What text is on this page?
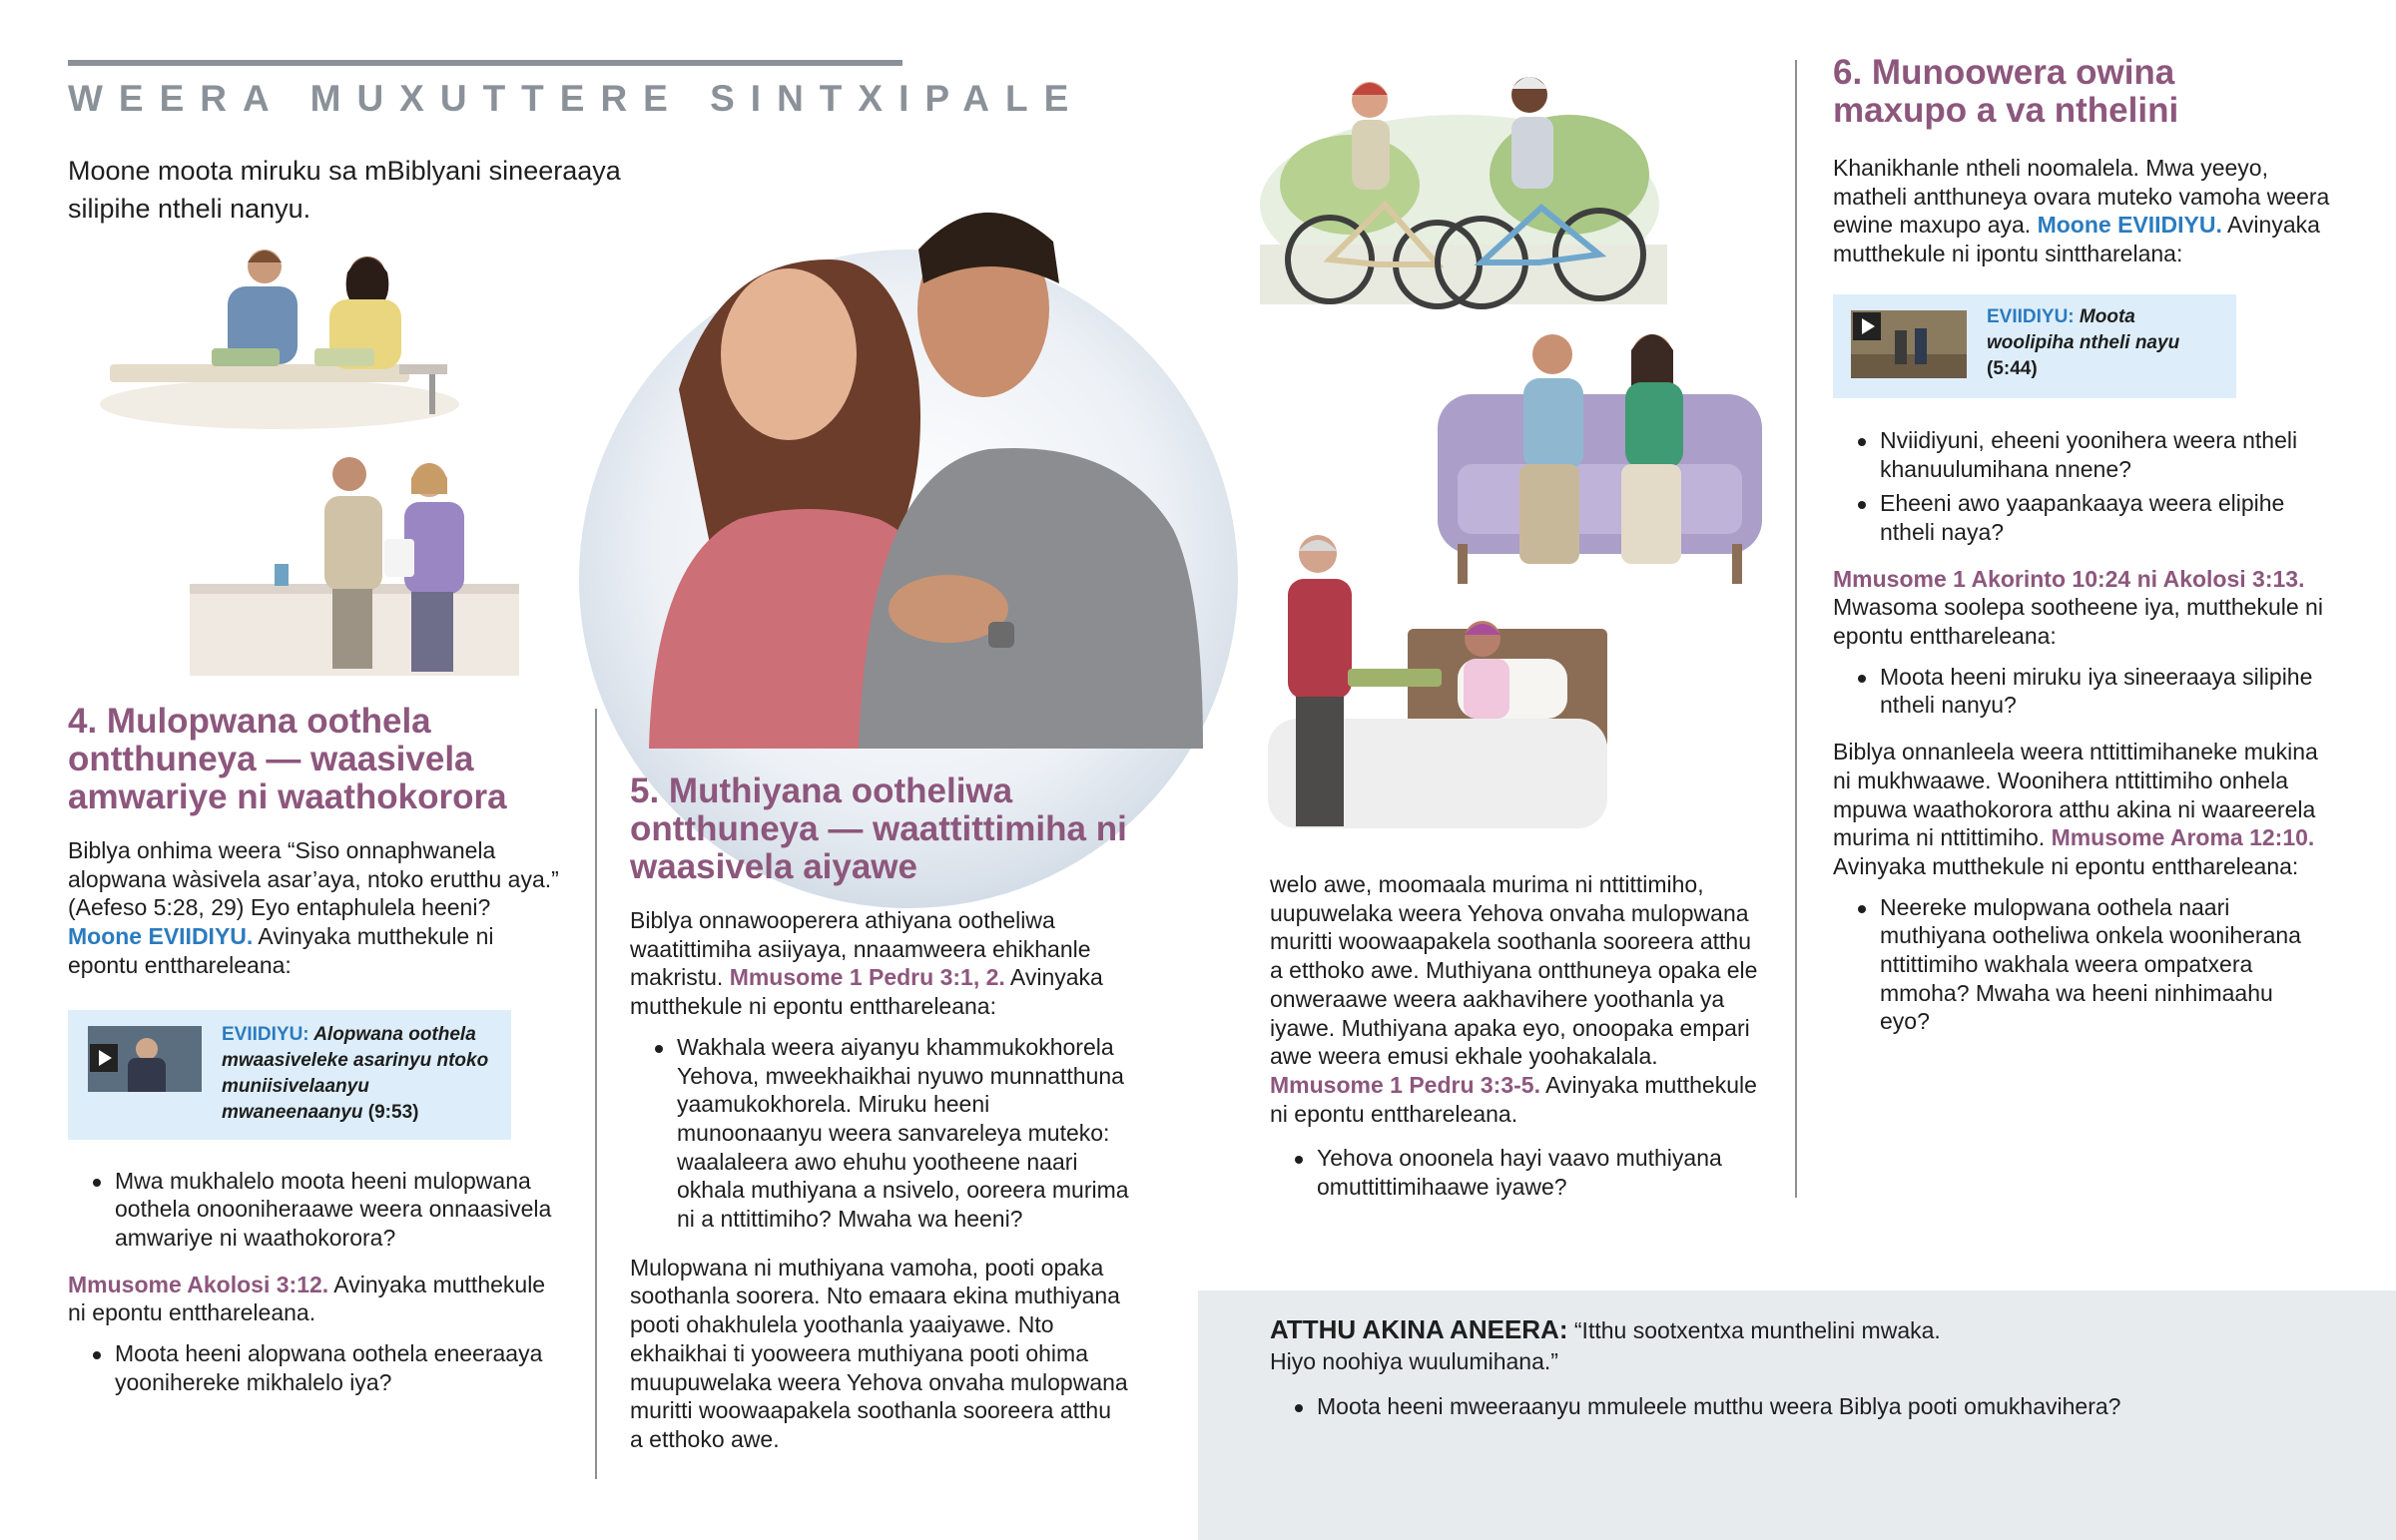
WEERA MUXUTTERE SINTXIPALE

Moone moota miruku sa mBiblyani sineeraaya silipihe ntheli nanyu.

4. Mulopwana oothela ontthuneya — waasivela amwariye ni waathokorora

Biblya onhima weera “Siso onnaphwanela alopwana wàsivela asar’aya, ntoko erutthu aya.” (Aefeso 5:28, 29) Eyo entaphulela heeni? Moone EVIIDIYU. Avinyaka mutthekule ni epontu entthareleana:

EVIIDIYU: Alopwana oothela mwaasiveleke asarinyu ntoko muniisivelaanyu mwaneenaanyu (9:53)
Mwa mukhalelo moota heeni mulopwana oothela onooniheraawe weera onnaasivela amwariye ni waathokorora?

Mmusome Akolosi 3:12. Avinyaka mutthekule ni epontu entthareleana.

Moota heeni alopwana oothela eneeraaya yoonihereke mikhalelo iya?
5. Muthiyana ootheliwa ontthuneya — waattittimiha ni waasivela aiyawe

Biblya onnawooperera athiyana ootheliwa waatittimiha asiiyaya, nnaamweera ehikhanle makristu. Mmusome 1 Pedru 3:1, 2. Avinyaka mutthekule ni epontu entthareleana:

Wakhala weera aiyanyu khammukokhorela Yehova, mweekhaikhai nyuwo munnatthuna yaamukokhorela. Miruku heeni munoonaanyu weera sanvareleya muteko: waalaleera awo ehuhu yootheene naari okhala muthiyana a nsivelo, ooreera murima ni a nttittimiho? Mwaha wa heeni?
Mulopwana ni muthiyana vamoha, pooti opaka soothanla soorera. Nto emaara ekina muthiyana pooti ohakhulela yoothanla yaaiyawe. Nto ekhaikhai ti yooweera muthiyana pooti ohima muupuwelaka weera Yehova onvaha mulopwana muritti woowaapakela soothanla sooreera atthu a etthoko awe.

welo awe, moomaala murima ni nttittimiho, uupuwelaka weera Yehova onvaha mulopwana muritti woowaapakela soothanla sooreera atthu a etthoko awe. Muthiyana ontthuneya opaka ele onweraawe weera aakhavihere yoothanla ya iyawe. Muthiyana apaka eyo, onoopaka empari awe weera emusi ekhale yoohakalala. Mmusome 1 Pedru 3:3-5. Avinyaka mutthekule ni epontu entthareleana.

Yehova onoonela hayi vaavo muthiyana omuttittimihaawe iyawe?
6. Munoowera owina maxupo a va nthelini

Khanikhanle ntheli noomalela. Mwa yeeyo, matheli antthuneya ovara muteko vamoha weera ewine maxupo aya. Moone EVIIDIYU. Avinyaka mutthekule ni ipontu sinttharelana:

EVIIDIYU: Moota woolipiha ntheli nayu (5:44)
Nviidiyuni, eheeni yoonihera weera ntheli khanuulumihana nnene?
Eheeni awo yaapankaaya weera elipihe ntheli naya?

Mmusome 1 Akorinto 10:24 ni Akolosi 3:13.

Mwasoma soolepa sootheene iya, mutthekule ni epontu entthareleana:

Moota heeni miruku iya sineeraaya silipihe ntheli nanyu?

Biblya onnanleela weera nttittimihaneke mukina ni mukhwaawe. Woonihera nttittimiho onhela mpuwa waathokorora atthu akina ni waareerela murima ni nttittimiho. Mmusome Aroma 12:10. Avinyaka mutthekule ni epontu entthareleana:

Neereke mulopwana oothela naari muthiyana ootheliwa onkela wooniherana nttittimiho wakhala weera ompatxera mmoha? Mwaha wa heeni ninhimaahu eyo?

ATTHU AKINA ANEERA: “Itthu sootxentxa munthelini mwaka. Hiyo noohiya wuulumihana.”

Moota heeni mweeraanyu mmuleele mutthu weera Biblya pooti omukhavihera?
